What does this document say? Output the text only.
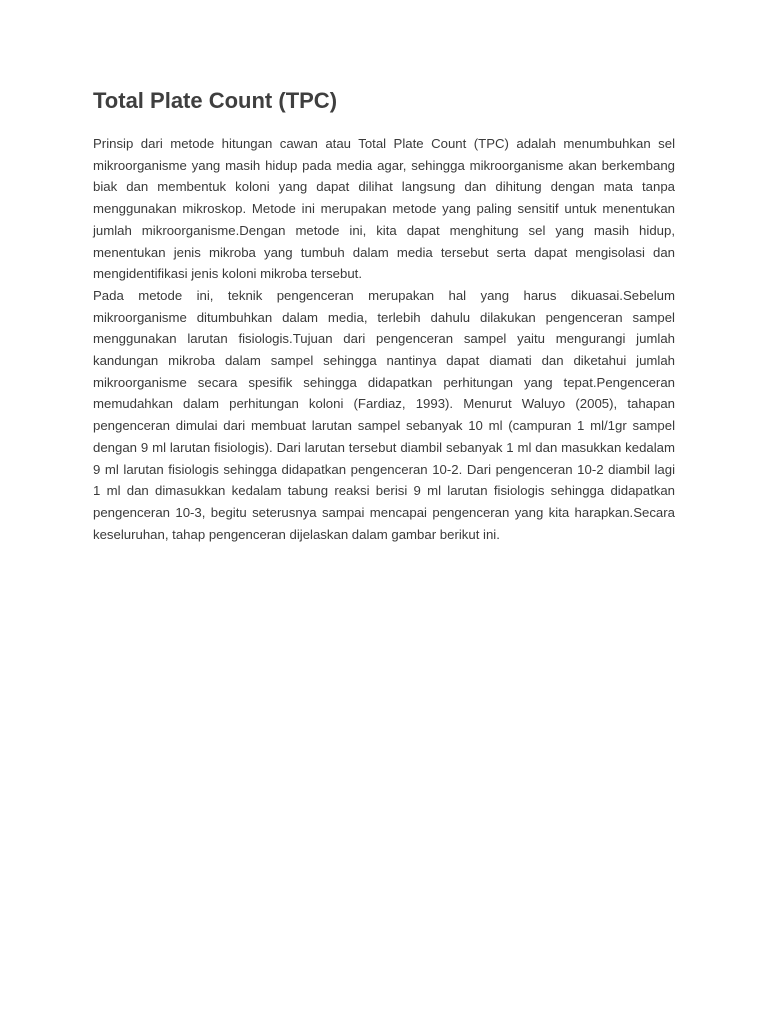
Total Plate Count (TPC)

Prinsip dari metode hitungan cawan atau Total Plate Count (TPC) adalah menumbuhkan sel mikroorganisme yang masih hidup pada media agar, sehingga mikroorganisme akan berkembang biak dan membentuk koloni yang dapat dilihat langsung dan dihitung dengan mata tanpa menggunakan mikroskop. Metode ini merupakan metode yang paling sensitif untuk menentukan jumlah mikroorganisme.Dengan metode ini, kita dapat menghitung sel yang masih hidup, menentukan jenis mikroba yang tumbuh dalam media tersebut serta dapat mengisolasi dan mengidentifikasi jenis koloni mikroba tersebut.

Pada metode ini, teknik pengenceran merupakan hal yang harus dikuasai.Sebelum mikroorganisme ditumbuhkan dalam media, terlebih dahulu dilakukan pengenceran sampel menggunakan larutan fisiologis.Tujuan dari pengenceran sampel yaitu mengurangi jumlah kandungan mikroba dalam sampel sehingga nantinya dapat diamati dan diketahui jumlah mikroorganisme secara spesifik sehingga didapatkan perhitungan yang tepat.Pengenceran memudahkan dalam perhitungan koloni (Fardiaz, 1993). Menurut Waluyo (2005), tahapan pengenceran dimulai dari membuat larutan sampel sebanyak 10 ml (campuran 1 ml/1gr sampel dengan 9 ml larutan fisiologis). Dari larutan tersebut diambil sebanyak 1 ml dan masukkan kedalam 9 ml larutan fisiologis sehingga didapatkan pengenceran 10-2. Dari pengenceran 10-2 diambil lagi 1 ml dan dimasukkan kedalam tabung reaksi berisi 9 ml larutan fisiologis sehingga didapatkan pengenceran 10-3, begitu seterusnya sampai mencapai pengenceran yang kita harapkan.Secara keseluruhan, tahap pengenceran dijelaskan dalam gambar berikut ini.
